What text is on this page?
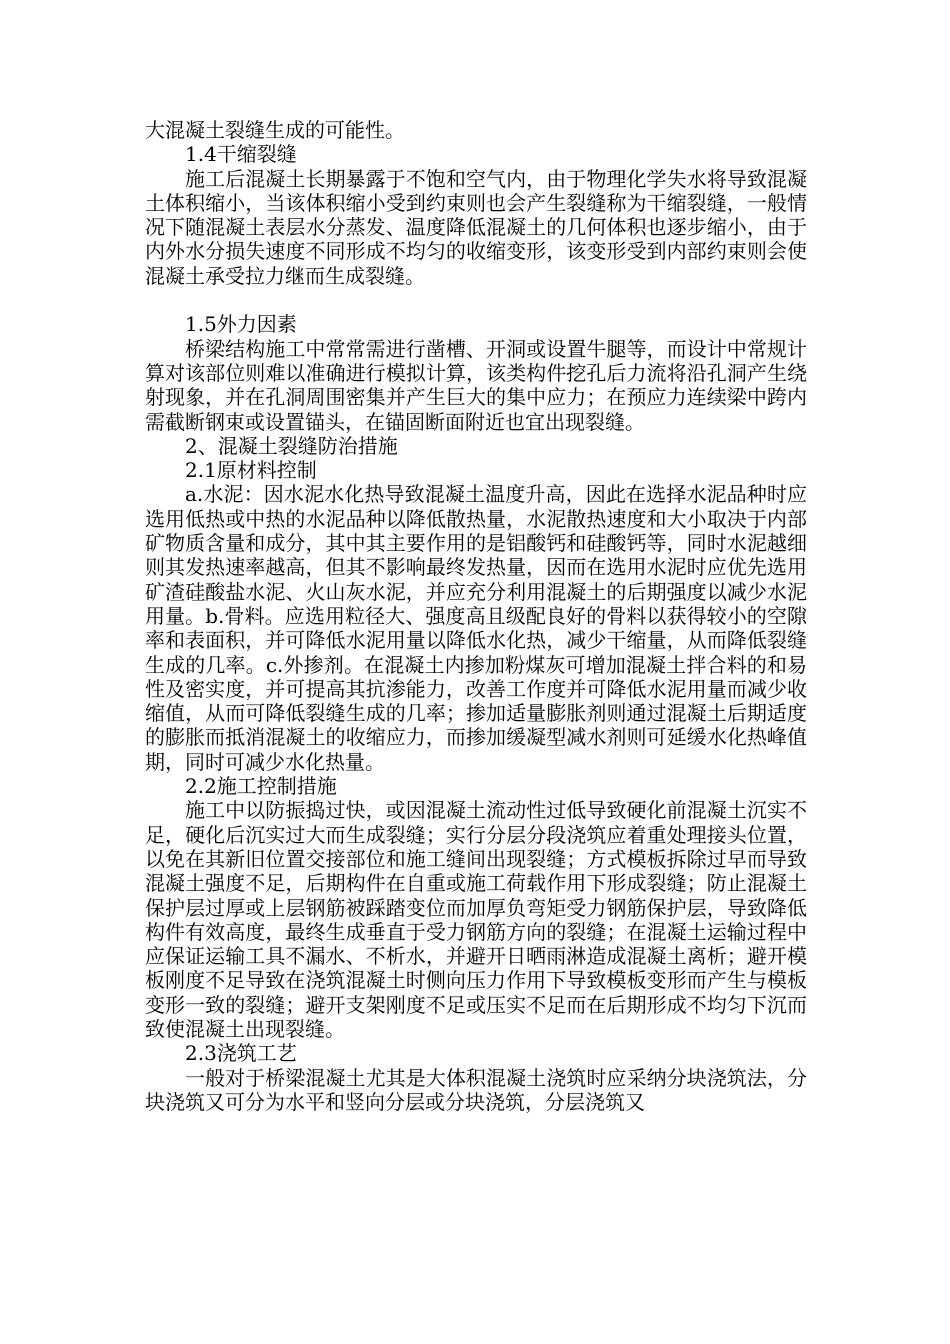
大混凝土裂缝生成的可能性。

1.4干缩裂缝

施工后混凝土长期暴露于不饱和空气内，由于物理化学失水将导致混凝土体积缩小，当该体积缩小受到约束则也会产生裂缝称为干缩裂缝，一般情况下随混凝土表层水分蒸发、温度降低混凝土的几何体积也逐步缩小，由于内外水分损失速度不同形成不均匀的收缩变形，该变形受到内部约束则会使混凝土承受拉力继而生成裂缝。

1.5外力因素

桥梁结构施工中常常需进行凿槽、开洞或设置牛腿等，而设计中常规计算对该部位则难以准确进行模拟计算，该类构件挖孔后力流将沿孔洞产生绕射现象，并在孔洞周围密集并产生巨大的集中应力；在预应力连续梁中跨内需截断钢束或设置锚头，在锚固断面附近也宜出现裂缝。

2、混凝土裂缝防治措施

2.1原材料控制

a.水泥：因水泥水化热导致混凝土温度升高，因此在选择水泥品种时应选用低热或中热的水泥品种以降低散热量，水泥散热速度和大小取决于内部矿物质含量和成分，其中其主要作用的是铝酸钙和硅酸钙等，同时水泥越细则其发热速率越高，但其不影响最终发热量，因而在选用水泥时应优先选用矿渣硅酸盐水泥、火山灰水泥，并应充分利用混凝土的后期强度以减少水泥用量。b.骨料。应选用粒径大、强度高且级配良好的骨料以获得较小的空隙率和表面积，并可降低水泥用量以降低水化热，减少干缩量，从而降低裂缝生成的几率。c.外掺剂。在混凝土内掺加粉煤灰可增加混凝土拌合料的和易性及密实度，并可提高其抗渗能力，改善工作度并可降低水泥用量而减少收缩值，从而可降低裂缝生成的几率；掺加适量膨胀剂则通过混凝土后期适度的膨胀而抵消混凝土的收缩应力，而掺加缓凝型减水剂则可延缓水化热峰值期，同时可减少水化热量。

2.2施工控制措施

施工中以防振捣过快，或因混凝土流动性过低导致硬化前混凝土沉实不足，硬化后沉实过大而生成裂缝；实行分层分段浇筑应着重处理接头位置，以免在其新旧位置交接部位和施工缝间出现裂缝；方式模板拆除过早而导致混凝土强度不足，后期构件在自重或施工荷载作用下形成裂缝；防止混凝土保护层过厚或上层钢筋被踩踏变位而加厚负弯矩受力钢筋保护层，导致降低构件有效高度，最终生成垂直于受力钢筋方向的裂缝；在混凝土运输过程中应保证运输工具不漏水、不析水，并避开日晒雨淋造成混凝土离析；避开模板刚度不足导致在浇筑混凝土时侧向压力作用下导致模板变形而产生与模板变形一致的裂缝；避开支架刚度不足或压实不足而在后期形成不均匀下沉而致使混凝土出现裂缝。

2.3浇筑工艺

一般对于桥梁混凝土尤其是大体积混凝土浇筑时应采纳分块浇筑法，分块浇筑又可分为水平和竖向分层或分块浇筑，分层浇筑又
